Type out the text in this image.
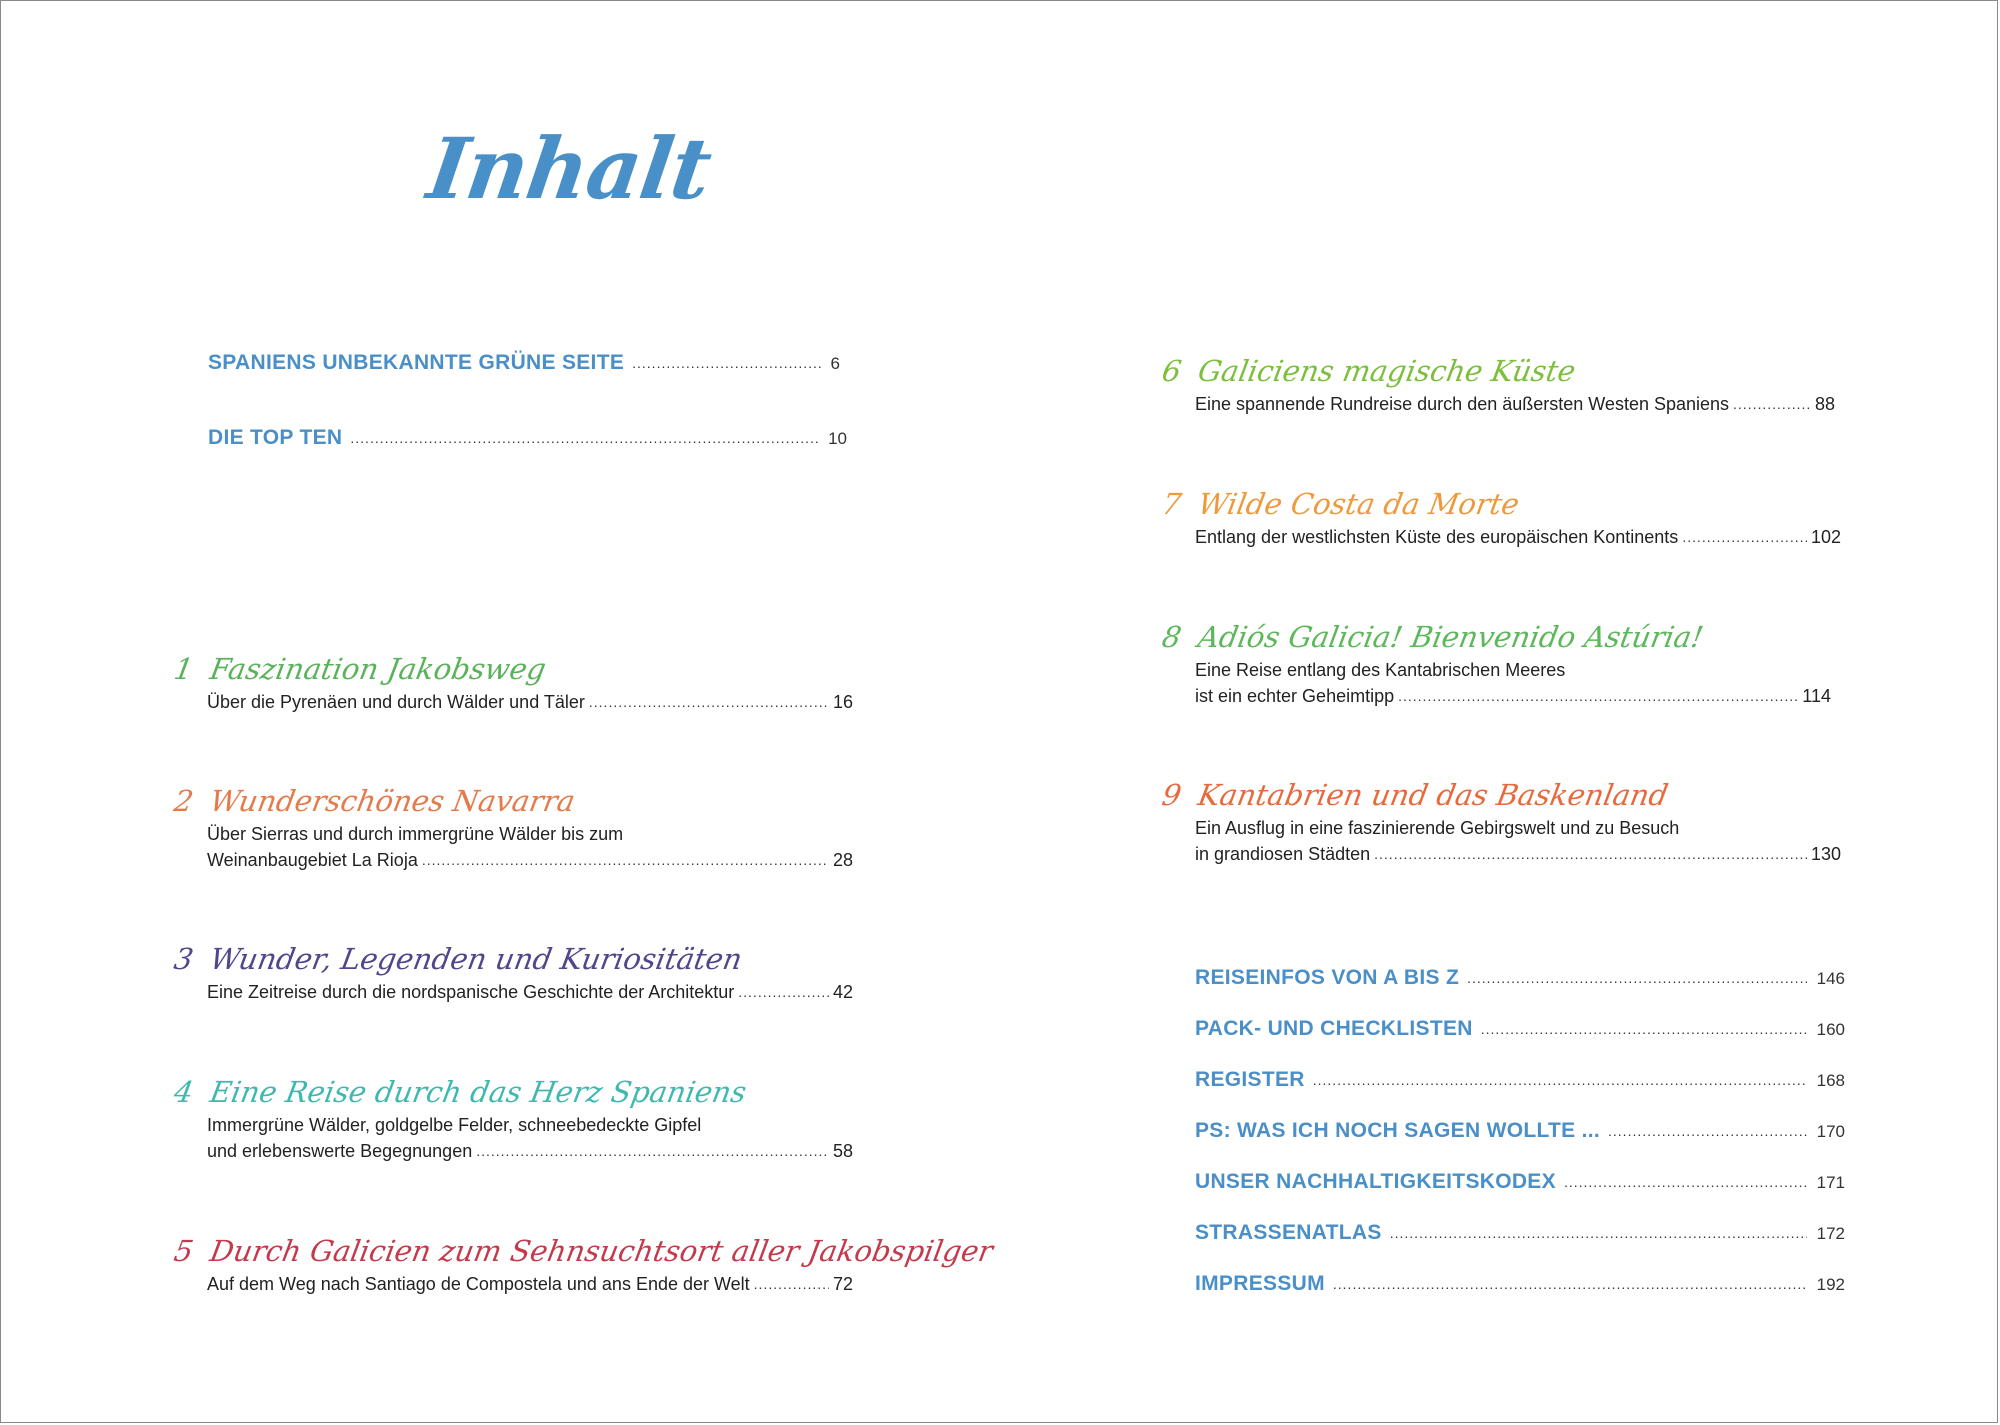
Inhalt
SPANIENS UNBEKANNTE GRÜNE SEITE .....	6
DIE TOP TEN .....	10
1 Faszination Jakobsweg
Über die Pyrenäen und durch Wälder und Täler .....	16
2 Wunderschönes Navarra
Über Sierras und durch immergrüne Wälder bis zum
Weinanbaugebiet La Rioja .....	28
3 Wunder, Legenden und Kuriositäten
Eine Zeitreise durch die nordspanische Geschichte der Architektur .....	42
4 Eine Reise durch das Herz Spaniens
Immergrüne Wälder, goldgelbe Felder, schneebedeckte Gipfel
und erlebenswerte Begegnungen .....	58
5 Durch Galicien zum Sehnsuchtsort aller Jakobspilger
Auf dem Weg nach Santiago de Compostela und ans Ende der Welt .....	72
6 Galiciens magische Küste
Eine spannende Rundreise durch den äußersten Westen Spaniens .....	88
7 Wilde Costa da Morte
Entlang der westlichsten Küste des europäischen Kontinents .....	102
8 Adiós Galicia! Bienvenido Astúria!
Eine Reise entlang des Kantabrischen Meeres
ist ein echter Geheimtipp .....	114
9 Kantabrien und das Baskenland
Ein Ausflug in eine faszinierende Gebirgswelt und zu Besuch
in grandiosen Städten .....	130
REISEINFOS VON A BIS Z .....	146
PACK- UND CHECKLISTEN .....	160
REGISTER .....	168
PS: WAS ICH NOCH SAGEN WOLLTE ... .....	170
UNSER NACHHALTIGKEITSKODEX .....	171
STRASSENATLAS .....	172
IMPRESSUM .....	192
